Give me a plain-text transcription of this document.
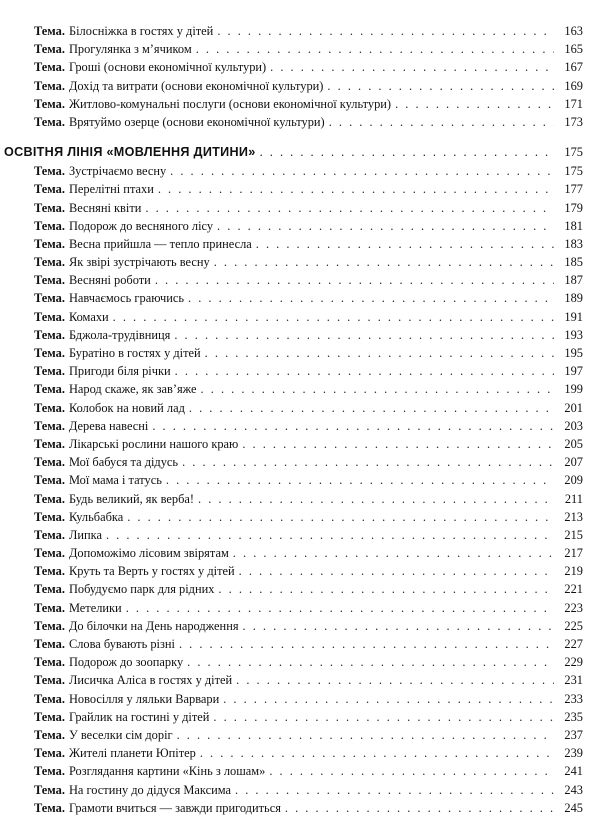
Тема. Білосніжка в гостях у дітей . . .	163
Тема. Прогулянка з м’ячиком . . .	165
Тема. Гроші (основи економічної культури) . . .	167
Тема. Дохід та витрати (основи економічної культури) . . .	169
Тема. Житлово-комунальні послуги (основи економічної культури) . . .	171
Тема. Врятуймо озерце (основи економічної культури) . . .	173
ОСВІТНЯ ЛІНІЯ «МОВЛЕННЯ ДИТИНИ» . . .	175
Тема. Зустрічаємо весну . . .	175
Тема. Перелітні птахи . . .	177
Тема. Весняні квіти . . .	179
Тема. Подорож до весняного лісу . . .	181
Тема. Весна прийшла — тепло принесла . . .	183
Тема. Як звірі зустрічають весну . . .	185
Тема. Весняні роботи . . .	187
Тема. Навчаємось граючись . . .	189
Тема. Комахи . . .	191
Тема. Бджола-трудівниця . . .	193
Тема. Буратіно в гостях у дітей . . .	195
Тема. Пригоди біля річки . . .	197
Тема. Народ скаже, як зав’яже . . .	199
Тема. Колобок на новий лад . . .	201
Тема. Дерева навесні . . .	203
Тема. Лікарські рослини нашого краю . . .	205
Тема. Мої бабуся та дідусь . . .	207
Тема. Мої мама і татусь . . .	209
Тема. Будь великий, як верба! . . .	211
Тема. Кульбабка . . .	213
Тема. Липка . . .	215
Тема. Допоможімо лісовим звірятам . . .	217
Тема. Круть та Верть у гостях у дітей . . .	219
Тема. Побудуємо парк для рідних . . .	221
Тема. Метелики . . .	223
Тема. До білочки на День народження . . .	225
Тема. Слова бувають різні . . .	227
Тема. Подорож до зоопарку . . .	229
Тема. Лисичка Аліса в гостях у дітей . . .	231
Тема. Новосілля у ляльки Варвари . . .	233
Тема. Грайлик на гостині у дітей . . .	235
Тема. У веселки сім доріг . . .	237
Тема. Жителі планети Юпітер . . .	239
Тема. Розглядання картини «Кінь з лошам» . . .	241
Тема. На гостину до дідуся Максима . . .	243
Тема. Грамоти вчиться — завжди пригодиться . . .	245
